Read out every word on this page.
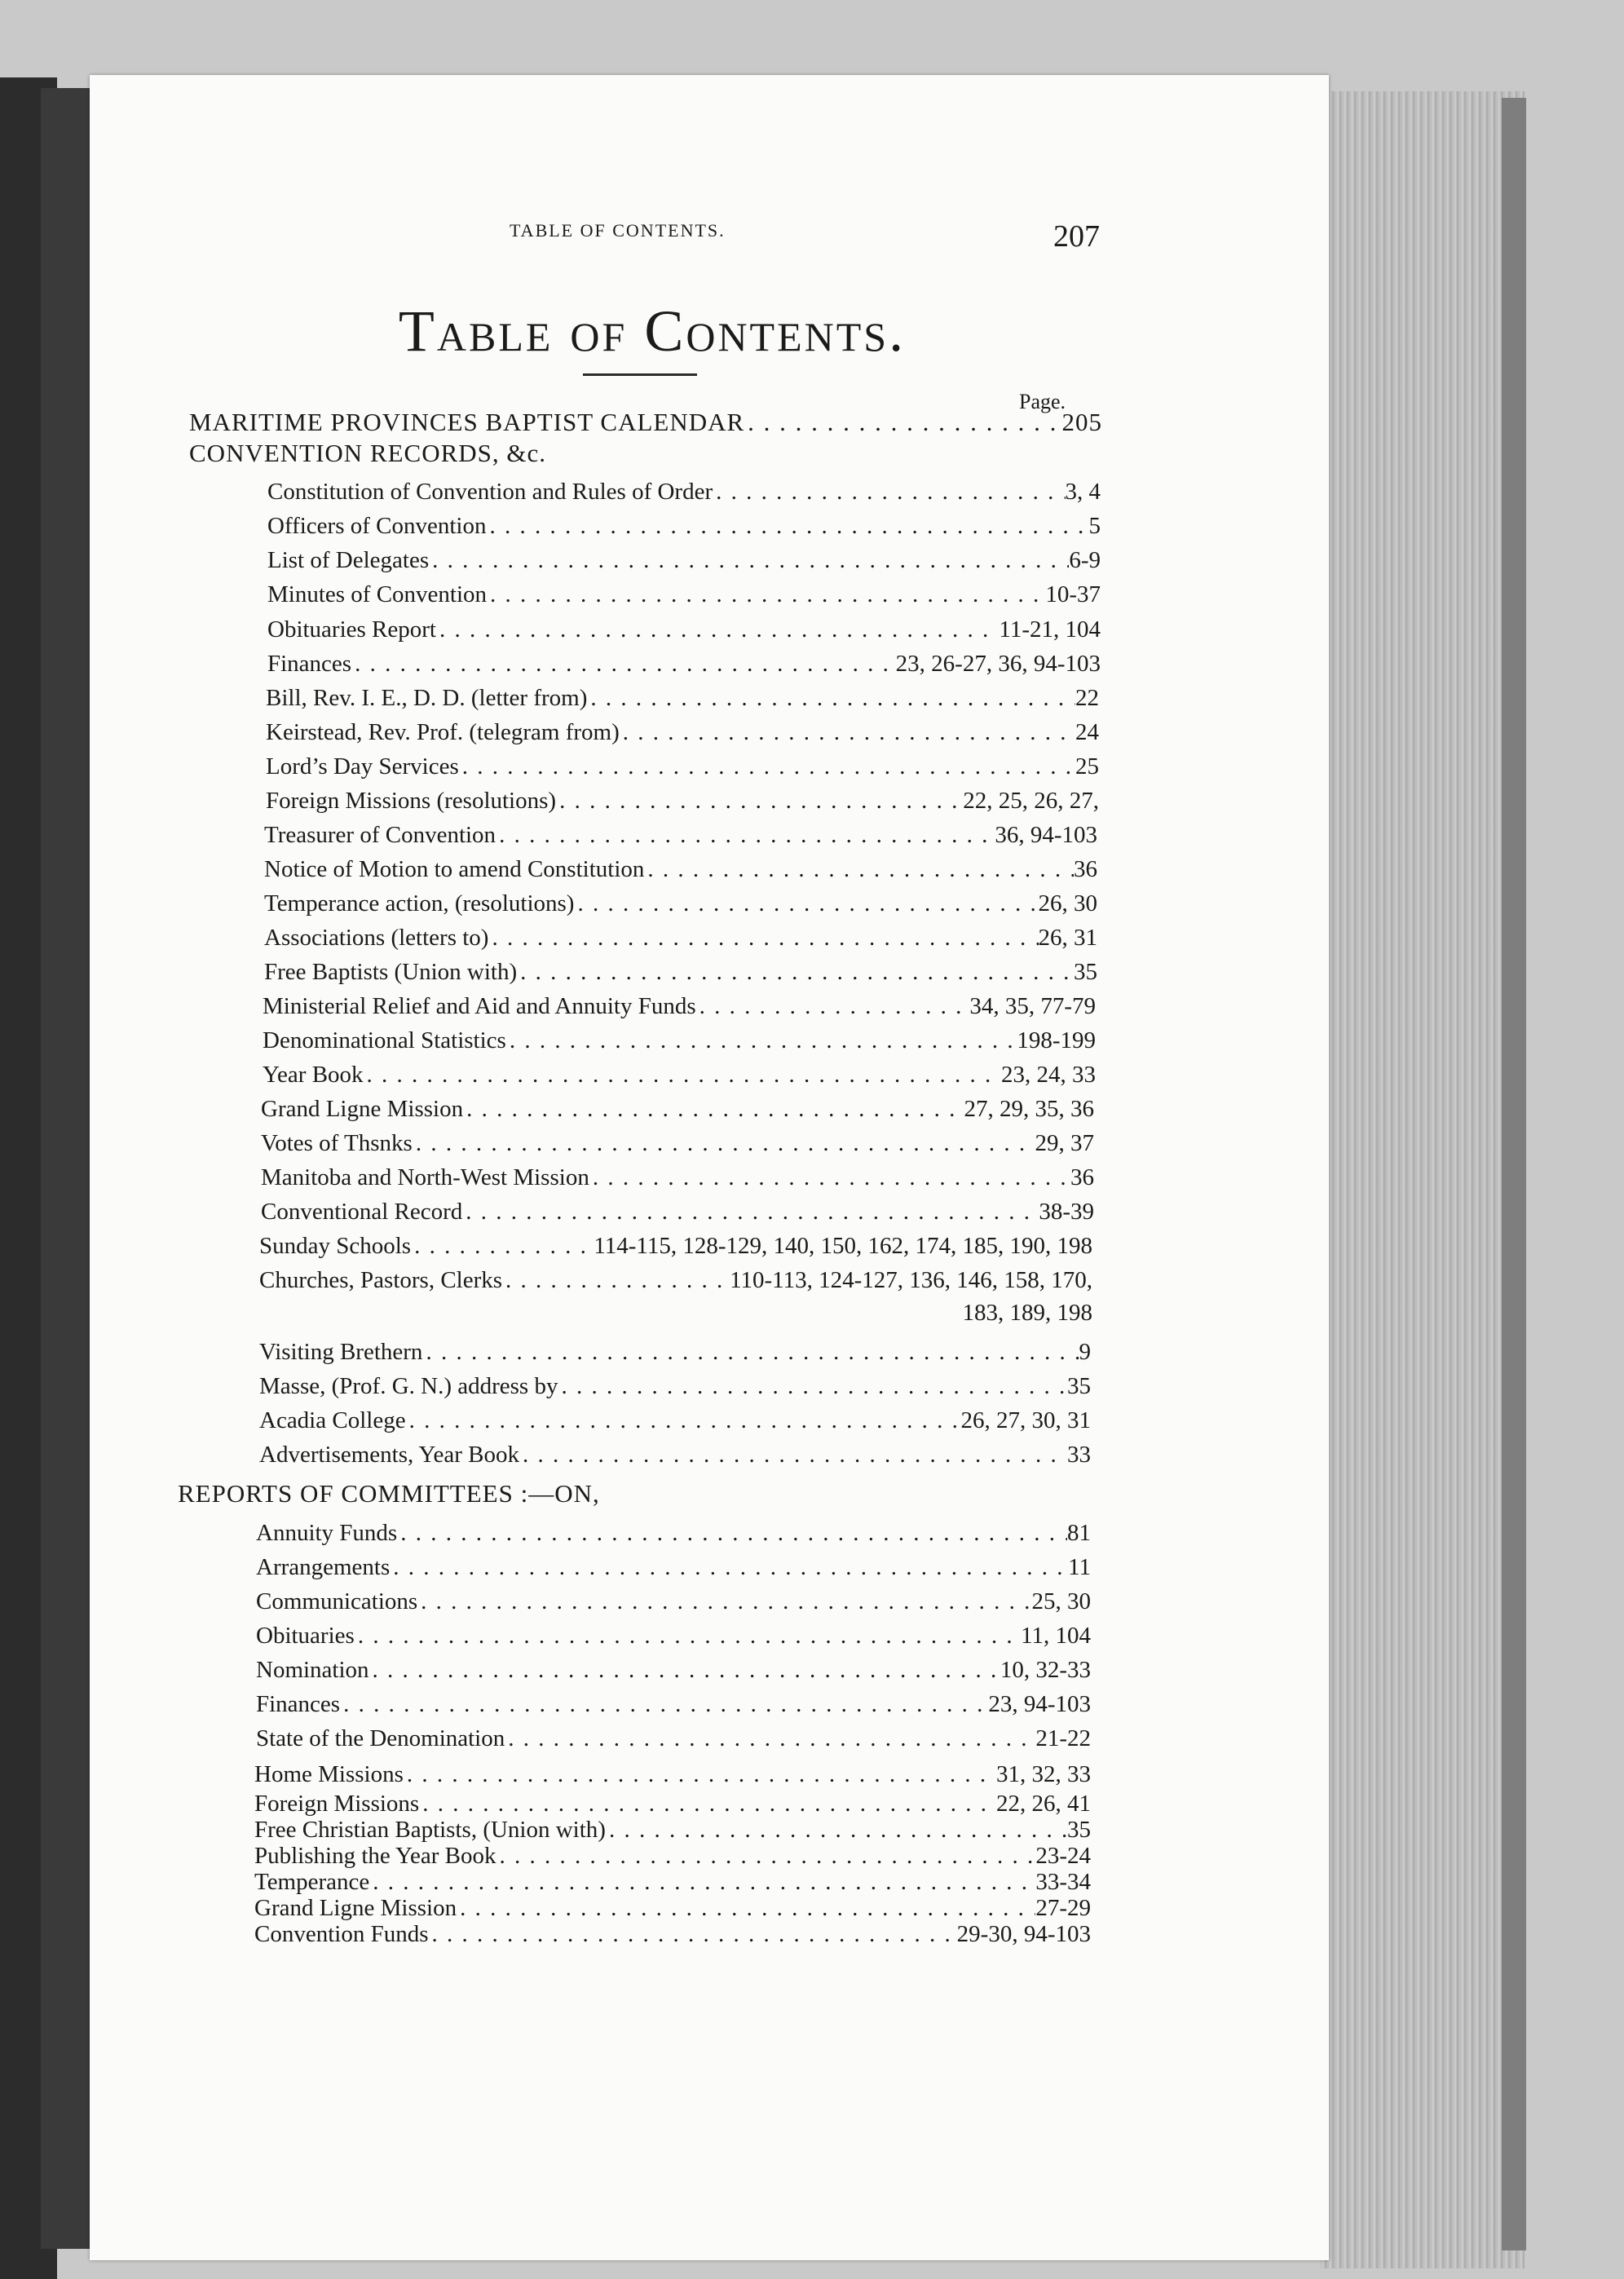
TABLE OF CONTENTS.	207
Table of Contents.
Page.
MARITIME PROVINCES BAPTIST CALENDAR . . .	205
CONVENTION RECORDS, &c.
Constitution of Convention and Rules of Order . . .	3, 4
Officers of Convention . . .	5
List of Delegates . . .	6-9
Minutes of Convention . . .	10-37
Obituaries Report . . .	11-21, 104
Finances . . .	23, 26-27, 36, 94-103
Bill, Rev. I. E., D. D. (letter from) . . .	22
Keirstead, Rev. Prof. (telegram from) . . .	24
Lord’s Day Services . . .	25
Foreign Missions (resolutions) . . .	22, 25, 26, 27,
Treasurer of Convention . . .	36, 94-103
Notice of Motion to amend Constitution . . .	36
Temperance action, (resolutions) . . .	26, 30
Associations (letters to) . . .	26, 31
Free Baptists (Union with) . . .	35
Ministerial Relief and Aid and Annuity Funds . . .	34, 35, 77-79
Denominational Statistics . . .	198-199
Year Book . . .	23, 24, 33
Grand Ligne Mission . . .	27, 29, 35, 36
Votes of Thsnks . . .	29, 37
Manitoba and North-West Mission . . .	36
Conventional Record . . .	38-39
Sunday Schools . . .	114-115, 128-129, 140, 150, 162, 174, 185, 190, 198
Churches, Pastors, Clerks . . .	110-113, 124-127, 136, 146, 158, 170,
183, 189, 198
Visiting Brethern . . .	9
Masse, (Prof. G. N.) address by . . .	35
Acadia College . . .	26, 27, 30, 31
Advertisements, Year Book . . .	33
REPORTS OF COMMITTEES :—ON,
Annuity Funds . . .	81
Arrangements . . .	11
Communications . . .	25, 30
Obituaries . . .	11, 104
Nomination . . .	10, 32-33
Finances . . .	23, 94-103
State of the Denomination . . .	21-22
Home Missions . . .	31, 32, 33
Foreign Missions . . .	22, 26, 41
Free Christian Baptists, (Union with) . . .	35
Publishing the Year Book . . .	23-24
Temperance . . .	33-34
Grand Ligne Mission . . .	27-29
Convention Funds . . .	29-30, 94-103
